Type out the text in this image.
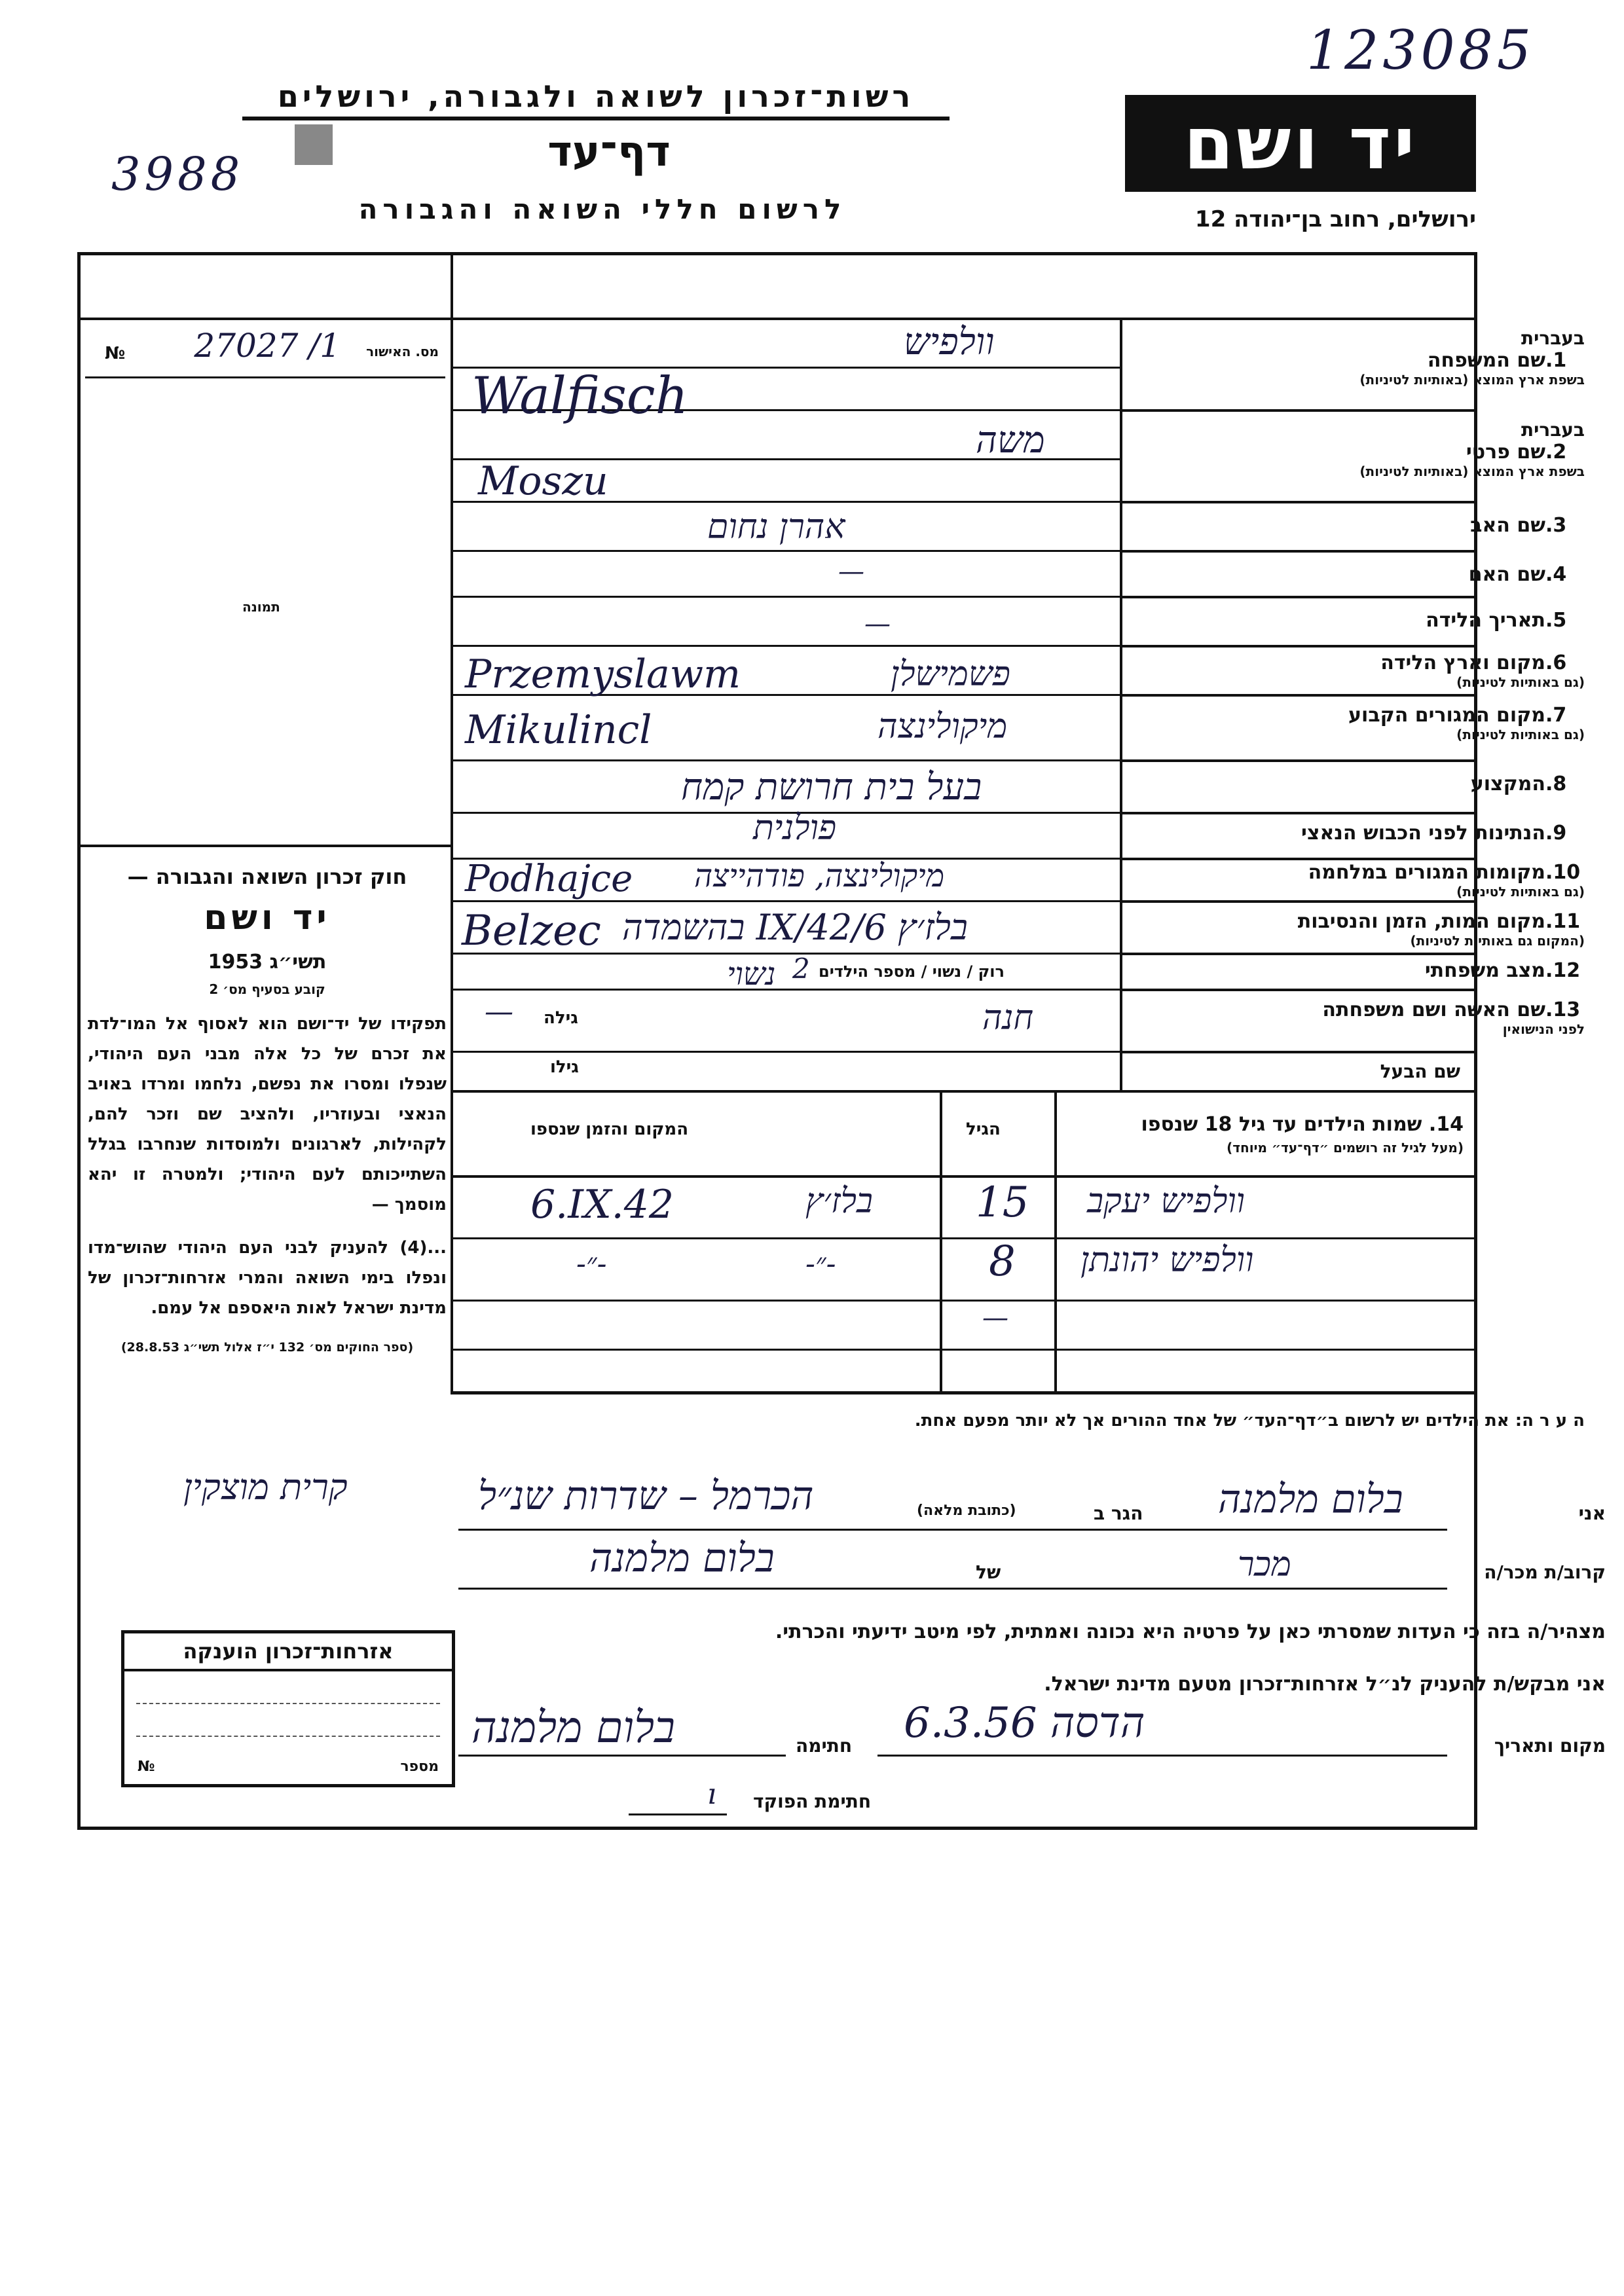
123085
3988
רשות־זכרון לשואה ולגבורה, ירושלים
דף־עד
לרשום חללי השואה והגבורה
יד ושם
ירושלים, רחוב בן־יהודה 12
מס. האישור
27027 /1
№
תמונה
חוק זכרון השואה והגבורה —
יד ושם
תשי״ג 1953
קובע בסעיף מס׳ 2
תפקידו של יד־ושם הוא לאסוף אל המו־לדת את זכרם של כל אלה מבני העם היהודי, שנפלו ומסרו את נפשם, נלחמו ומרדו באויב הנאצי ובעוזריו, ולהציב שם וזכר להם, לקהילות, לארגונים ולמוסדות שנחרבו בגלל השתייכותם לעם היהודי; ולמטרה זו יהא מוסמך —
...(4) להעניק לבני העם היהודי שהוש־מדו ונפלו בימי השואה והמרי אזרחות־זכרון של מדינת ישראל לאות היאספם אל עמם.
(ספר החוקים מס׳ 132 י״ז אלול תשי״ג 28.8.53)
קרית מוצקין
בעברית
1.שם המשפחה
בשפת ארץ המוצא (באותיות לטיניות)
וולפיש
Walfisch
בעברית
2.שם פרטי
בשפת ארץ המוצא (באותיות לטיניות)
משה
Moszu
3.שם האב
אהרן נחום
4.שם האם
—
5.תאריך הלידה
—
6.מקום וארץ הלידה
(גם באותיות לטיניות)
Przemyslawm	פשמישלן
7.מקום המגורים הקבוע
(גם באותיות לטיניות)
Mikulincl	מיקולינצה
8.המקצוע
בעל בית חרושת קמח
9.הנתינות לפני הכבוש הנאצי
פולנית
10.מקומות המגורים במלחמה
(גם באותיות לטיניות)
Podhajce מיקולינצה, פודהייצה
11.מקום המות, הזמן והנסיבות
(המקום גם באותיות לטיניות)
Belzec בלז׳ץ 6/IX/42 בהשמדה
12.מצב משפחתי
רוק / נשוי / מספר הילדים
2
נשוי
13.שם האשה ושם משפחתה
לפני הנישואין
חנה
גילה
—
שם הבעל
גילו
14. שמות הילדים עד גיל 18 שנספו
(מעל לגיל זה רושמים ״דף־עד״ מיוחד)
הגיל
המקום והזמן שנספו
וולפיש יעקב
15
בלז׳ץ
6.IX.42
וולפיש יהונתן
8
-״-
-״-
—
ה ע ר ה: את הילדים יש לרשום ב״דף־העד״ של אחד ההורים אך לא יותר מפעם אחת.
אני
בלום מלמנה
הגר ב
(כתובת מלאה)
הכרמל – שדרות שנ״ל
קרוב/ת מכר/ה
מכר
של
בלום מלמנה
מצהיר/ה בזה כי העדות שמסרתי כאן על פרטיה היא נכונה ואמתית, לפי מיטב ידיעתי והכרתי.
אני מבקש/ת להעניק לנ״ל אזרחות־זכרון מטעם מדינת ישראל.
מקום ותאריך
הדסה 6.3.56
חתימה
בלום מלמנה
חתימת הפוקד
ı
אזרחות־זכרון הוענקה
מספר
№
